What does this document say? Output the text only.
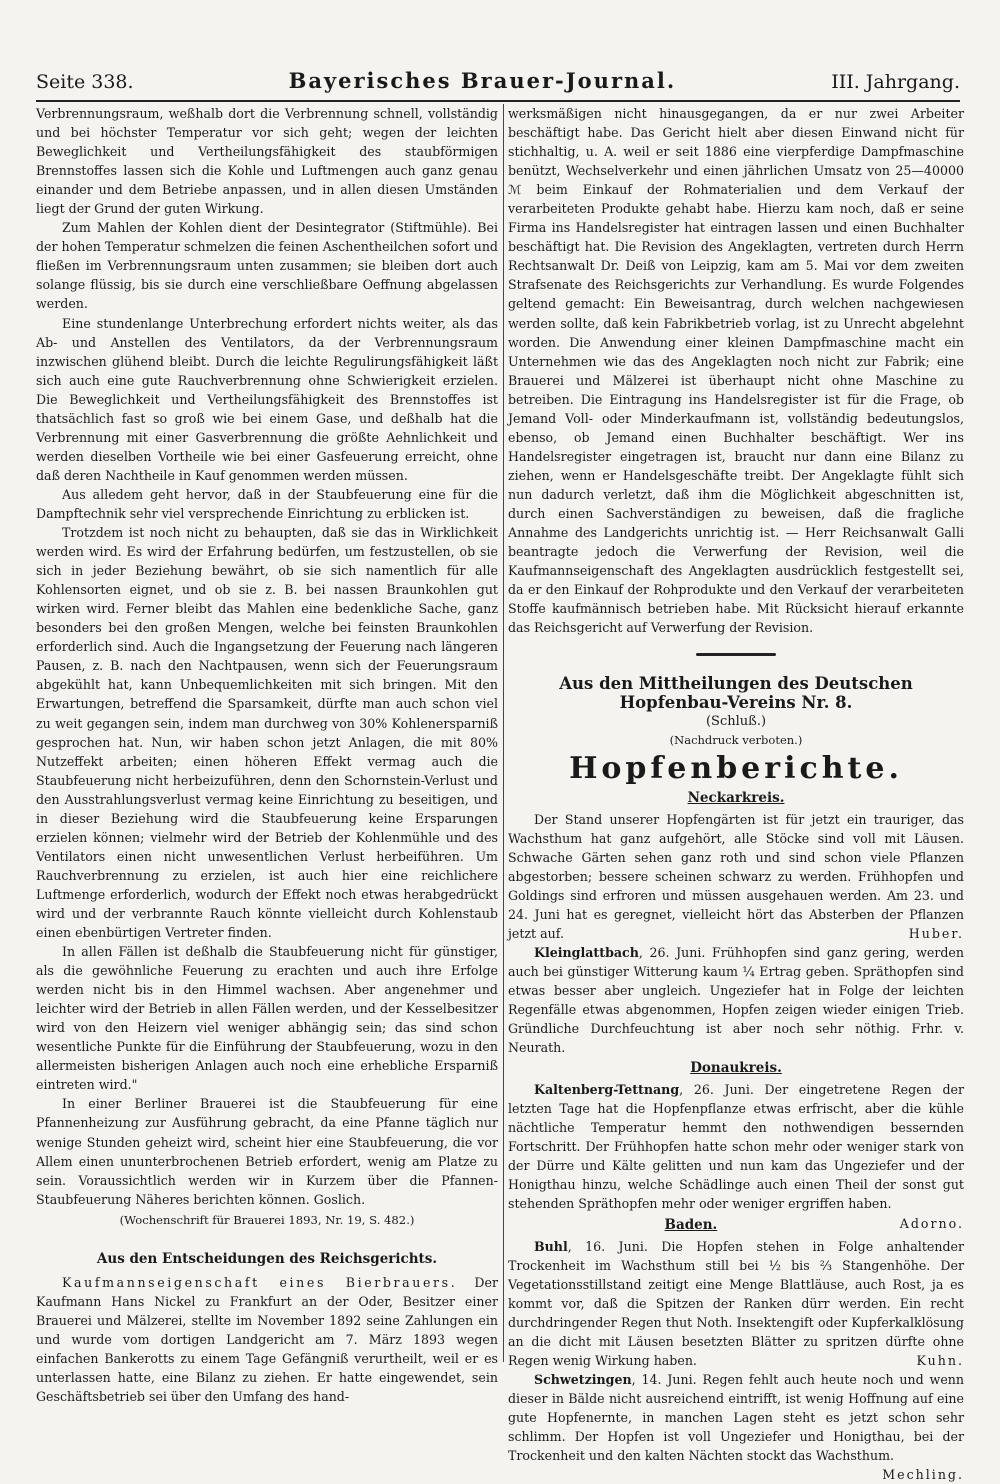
Seite 338.	Bayerisches Brauer-Journal.	III. Jahrgang.

Verbrennungsraum, weßhalb dort die Verbrennung schnell, vollständig und bei höchster Temperatur vor sich geht; wegen der leichten Beweglichkeit und Vertheilungsfähigkeit des staubförmigen Brennstoffes lassen sich die Kohle und Luftmengen auch ganz genau einander und dem Betriebe anpassen, und in allen diesen Umständen liegt der Grund der guten Wirkung.

Zum Mahlen der Kohlen dient der Desintegrator (Stiftmühle). Bei der hohen Temperatur schmelzen die feinen Aschentheilchen sofort und fließen im Verbrennungsraum unten zusammen; sie bleiben dort auch solange flüssig, bis sie durch eine verschließbare Oeffnung abgelassen werden.

Eine stundenlange Unterbrechung erfordert nichts weiter, als das Ab- und Anstellen des Ventilators, da der Verbrennungsraum inzwischen glühend bleibt. Durch die leichte Regulirungsfähigkeit läßt sich auch eine gute Rauchverbrennung ohne Schwierigkeit erzielen. Die Beweglichkeit und Vertheilungsfähigkeit des Brennstoffes ist thatsächlich fast so groß wie bei einem Gase, und deßhalb hat die Verbrennung mit einer Gasverbrennung die größte Aehnlichkeit und werden dieselben Vortheile wie bei einer Gasfeuerung erreicht, ohne daß deren Nachtheile in Kauf genommen werden müssen.

Aus alledem geht hervor, daß in der Staubfeuerung eine für die Dampftechnik sehr viel versprechende Einrichtung zu erblicken ist.

Trotzdem ist noch nicht zu behaupten, daß sie das in Wirklichkeit werden wird. Es wird der Erfahrung bedürfen, um festzustellen, ob sie sich in jeder Beziehung bewährt, ob sie sich namentlich für alle Kohlensorten eignet, und ob sie z. B. bei nassen Braunkohlen gut wirken wird. Ferner bleibt das Mahlen eine bedenkliche Sache, ganz besonders bei den großen Mengen, welche bei feinsten Braunkohlen erforderlich sind. Auch die Ingangsetzung der Feuerung nach längeren Pausen, z. B. nach den Nachtpausen, wenn sich der Feuerungsraum abgekühlt hat, kann Unbequemlichkeiten mit sich bringen. Mit den Erwartungen, betreffend die Sparsamkeit, dürfte man auch schon viel zu weit gegangen sein, indem man durchweg von 30% Kohlenersparniß gesprochen hat. Nun, wir haben schon jetzt Anlagen, die mit 80% Nutzeffekt arbeiten; einen höheren Effekt vermag auch die Staubfeuerung nicht herbeizuführen, denn den Schornstein-Verlust und den Ausstrahlungsverlust vermag keine Einrichtung zu beseitigen, und in dieser Beziehung wird die Staubfeuerung keine Ersparungen erzielen können; vielmehr wird der Betrieb der Kohlenmühle und des Ventilators einen nicht unwesentlichen Verlust herbeiführen. Um Rauchverbrennung zu erzielen, ist auch hier eine reichlichere Luftmenge erforderlich, wodurch der Effekt noch etwas herabgedrückt wird und der verbrannte Rauch könnte vielleicht durch Kohlenstaub einen ebenbürtigen Vertreter finden.

In allen Fällen ist deßhalb die Staubfeuerung nicht für günstiger, als die gewöhnliche Feuerung zu erachten und auch ihre Erfolge werden nicht bis in den Himmel wachsen. Aber angenehmer und leichter wird der Betrieb in allen Fällen werden, und der Kesselbesitzer wird von den Heizern viel weniger abhängig sein; das sind schon wesentliche Punkte für die Einführung der Staubfeuerung, wozu in den allermeisten bisherigen Anlagen auch noch eine erhebliche Ersparniß eintreten wird."

In einer Berliner Brauerei ist die Staubfeuerung für eine Pfannenheizung zur Ausführung gebracht, da eine Pfanne täglich nur wenige Stunden geheizt wird, scheint hier eine Staubfeuerung, die vor Allem einen ununterbrochenen Betrieb erfordert, wenig am Platze zu sein. Voraussichtlich werden wir in Kurzem über die Pfannen-Staubfeuerung Näheres berichten können. Goslich.

(Wochenschrift für Brauerei 1893, Nr. 19, S. 482.)

Aus den Entscheidungen des Reichsgerichts.

Kaufmannseigenschaft eines Bierbrauers. Der Kaufmann Hans Nickel zu Frankfurt an der Oder, Besitzer einer Brauerei und Mälzerei, stellte im November 1892 seine Zahlungen ein und wurde vom dortigen Landgericht am 7. März 1893 wegen einfachen Bankerotts zu einem Tage Gefängniß verurtheilt, weil er es unterlassen hatte, eine Bilanz zu ziehen. Er hatte eingewendet, sein Geschäftsbetrieb sei über den Umfang des hand-

werksmäßigen nicht hinausgegangen, da er nur zwei Arbeiter beschäftigt habe. Das Gericht hielt aber diesen Einwand nicht für stichhaltig, u. A. weil er seit 1886 eine vierpferdige Dampfmaschine benützt, Wechselverkehr und einen jährlichen Umsatz von 25—40000 ℳ beim Einkauf der Rohmaterialien und dem Verkauf der verarbeiteten Produkte gehabt habe. Hierzu kam noch, daß er seine Firma ins Handelsregister hat eintragen lassen und einen Buchhalter beschäftigt hat. Die Revision des Angeklagten, vertreten durch Herrn Rechtsanwalt Dr. Deiß von Leipzig, kam am 5. Mai vor dem zweiten Strafsenate des Reichsgerichts zur Verhandlung. Es wurde Folgendes geltend gemacht: Ein Beweisantrag, durch welchen nachgewiesen werden sollte, daß kein Fabrikbetrieb vorlag, ist zu Unrecht abgelehnt worden. Die Anwendung einer kleinen Dampfmaschine macht ein Unternehmen wie das des Angeklagten noch nicht zur Fabrik; eine Brauerei und Mälzerei ist überhaupt nicht ohne Maschine zu betreiben. Die Eintragung ins Handelsregister ist für die Frage, ob Jemand Voll- oder Minderkaufmann ist, vollständig bedeutungslos, ebenso, ob Jemand einen Buchhalter beschäftigt. Wer ins Handelsregister eingetragen ist, braucht nur dann eine Bilanz zu ziehen, wenn er Handelsgeschäfte treibt. Der Angeklagte fühlt sich nun dadurch verletzt, daß ihm die Möglichkeit abgeschnitten ist, durch einen Sachverständigen zu beweisen, daß die fragliche Annahme des Landgerichts unrichtig ist. — Herr Reichsanwalt Galli beantragte jedoch die Verwerfung der Revision, weil die Kaufmannseigenschaft des Angeklagten ausdrücklich festgestellt sei, da er den Einkauf der Rohprodukte und den Verkauf der verarbeiteten Stoffe kaufmännisch betrieben habe. Mit Rücksicht hierauf erkannte das Reichsgericht auf Verwerfung der Revision.

Aus den Mittheilungen des Deutschen Hopfenbau-Vereins Nr. 8.
(Schluß.)
(Nachdruck verboten.)
Hopfenberichte.
Neckarkreis.

Der Stand unserer Hopfengärten ist für jetzt ein trauriger, das Wachsthum hat ganz aufgehört, alle Stöcke sind voll mit Läusen. Schwache Gärten sehen ganz roth und sind schon viele Pflanzen abgestorben; bessere scheinen schwarz zu werden. Frühhopfen und Goldings sind erfroren und müssen ausgehauen werden. Am 23. und 24. Juni hat es geregnet, vielleicht hört das Absterben der Pflanzen jetzt auf.	Huber.

Kleinglattbach, 26. Juni. Frühhopfen sind ganz gering, werden auch bei günstiger Witterung kaum ¼ Ertrag geben. Spräthopfen sind etwas besser aber ungleich. Ungeziefer hat in Folge der leichten Regenfälle etwas abgenommen, Hopfen zeigen wieder einigen Trieb. Gründliche Durchfeuchtung ist aber noch sehr nöthig. Frhr. v. Neurath.

Donaukreis.

Kaltenberg-Tettnang, 26. Juni. Der eingetretene Regen der letzten Tage hat die Hopfenpflanze etwas erfrischt, aber die kühle nächtliche Temperatur hemmt den nothwendigen bessernden Fortschritt. Der Frühhopfen hatte schon mehr oder weniger stark von der Dürre und Kälte gelitten und nun kam das Ungeziefer und der Honigthau hinzu, welche Schädlinge auch einen Theil der sonst gut stehenden Spräthopfen mehr oder weniger ergriffen haben.
Adorno.

Baden.

Buhl, 16. Juni. Die Hopfen stehen in Folge anhaltender Trockenheit im Wachsthum still bei ½ bis ⅔ Stangenhöhe. Der Vegetationsstillstand zeitigt eine Menge Blattläuse, auch Rost, ja es kommt vor, daß die Spitzen der Ranken dürr werden. Ein recht durchdringender Regen thut Noth. Insektengift oder Kupferkalklösung an die dicht mit Läusen besetzten Blätter zu spritzen dürfte ohne Regen wenig Wirkung haben.	Kuhn.

Schwetzingen, 14. Juni. Regen fehlt auch heute noch und wenn dieser in Bälde nicht ausreichend eintrifft, ist wenig Hoffnung auf eine gute Hopfenernte, in manchen Lagen steht es jetzt schon sehr schlimm. Der Hopfen ist voll Ungeziefer und Honigthau, bei der Trockenheit und den kalten Nächten stockt das Wachsthum.
Mechling.
